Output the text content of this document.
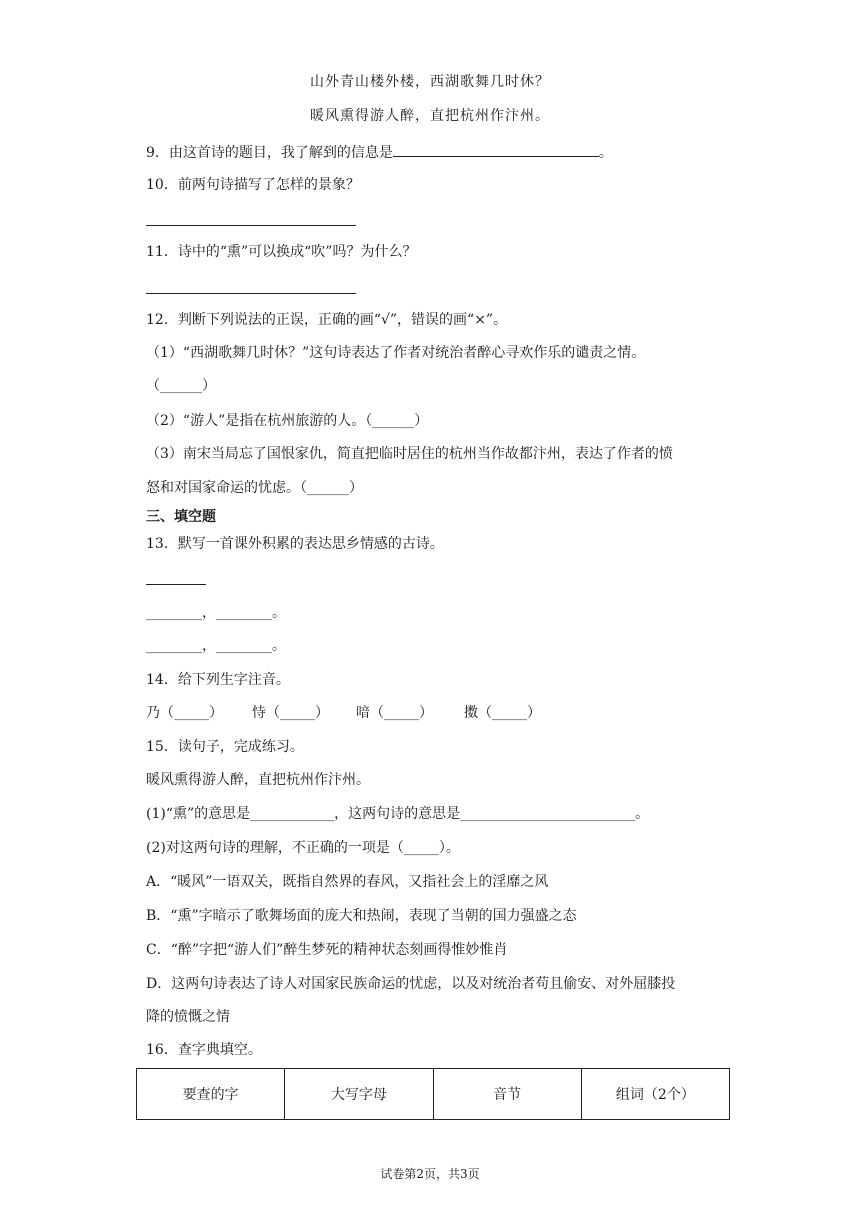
山外青山楼外楼，西湖歌舞几时休？
暖风熏得游人醉，直把杭州作汴州。
9．由这首诗的题目，我了解到的信息是	。
10．前两句诗描写了怎样的景象？
11．诗中的“熏”可以换成“吹”吗？为什么？
12．判断下列说法的正误，正确的画“√”，错误的画“×”。
（1）“西湖歌舞几时休？”这句诗表达了作者对统治者醉心寻欢作乐的谴责之情。
（______）
（2）“游人”是指在杭州旅游的人。（______）
（3）南宋当局忘了国恨家仇，简直把临时居住的杭州当作故都汴州，表达了作者的愤
怒和对国家命运的忧虑。（______）
三、填空题
13．默写一首课外积累的表达思乡情感的古诗。
________，________。
________，________。
14．给下列生字注音。
乃（_____） 恃（_____） 喑（_____） 擞（_____）
15．读句子，完成练习。
暖风熏得游人醉，直把杭州作汴州。
(1)“熏”的意思是____________，这两句诗的意思是_________________________。
(2)对这两句诗的理解，不正确的一项是（_____）。
A．“暖风”一语双关，既指自然界的春风，又指社会上的淫靡之风
B．“熏”字暗示了歌舞场面的庞大和热闹，表现了当朝的国力强盛之态
C．“醉”字把“游人们”醉生梦死的精神状态刻画得惟妙惟肖
D．这两句诗表达了诗人对国家民族命运的忧虑，以及对统治者苟且偷安、对外屈膝投
降的愤慨之情
16．查字典填空。
要查的字	大写字母	音节	组词（2个）
试卷第2页，共3页
